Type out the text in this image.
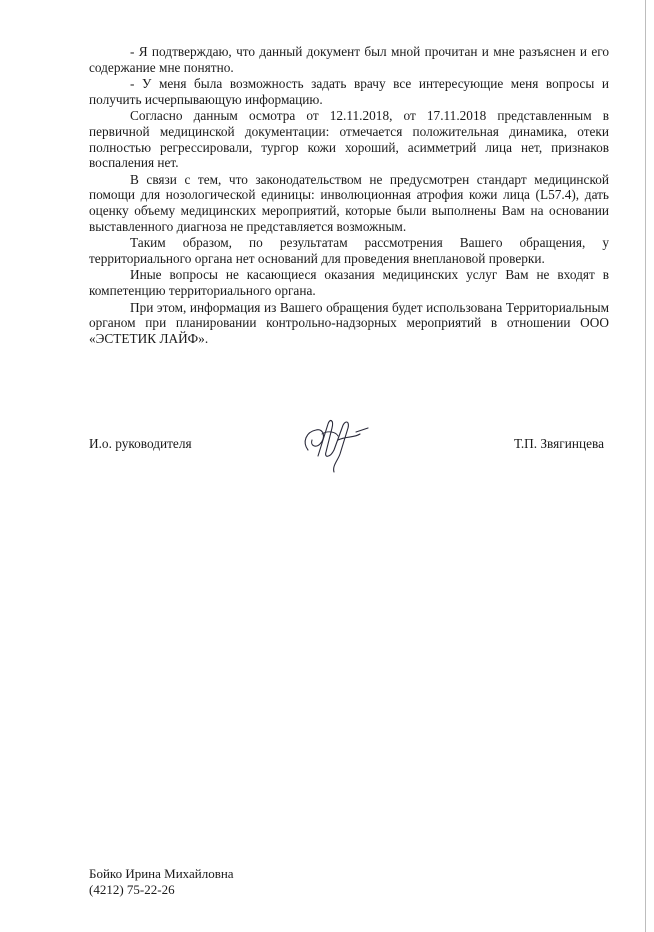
- Я подтверждаю, что данный документ был мной прочитан и мне разъяснен и его содержание мне понятно.

- У меня была возможность задать врачу все интересующие меня вопросы и получить исчерпывающую информацию.

Согласно данным осмотра от 12.11.2018, от 17.11.2018 представленным в первичной медицинской документации: отмечается положительная динамика, отеки полностью регрессировали, тургор кожи хороший, асимметрий лица нет, признаков воспаления нет.

В связи с тем, что законодательством не предусмотрен стандарт медицинской помощи для нозологической единицы: инволюционная атрофия кожи лица (L57.4), дать оценку объему медицинских мероприятий, которые были выполнены Вам на основании выставленного диагноза не представляется возможным.

Таким образом, по результатам рассмотрения Вашего обращения, у территориального органа нет оснований для проведения внеплановой проверки.

Иные вопросы не касающиеся оказания медицинских услуг Вам не входят в компетенцию территориального органа.

При этом, информация из Вашего обращения будет использована Территориальным органом при планировании контрольно-надзорных мероприятий в отношении ООО «ЭСТЕТИК ЛАЙФ».

И.о. руководителя	Т.П. Звягинцева
Бойко Ирина Михайловна
(4212) 75-22-26
